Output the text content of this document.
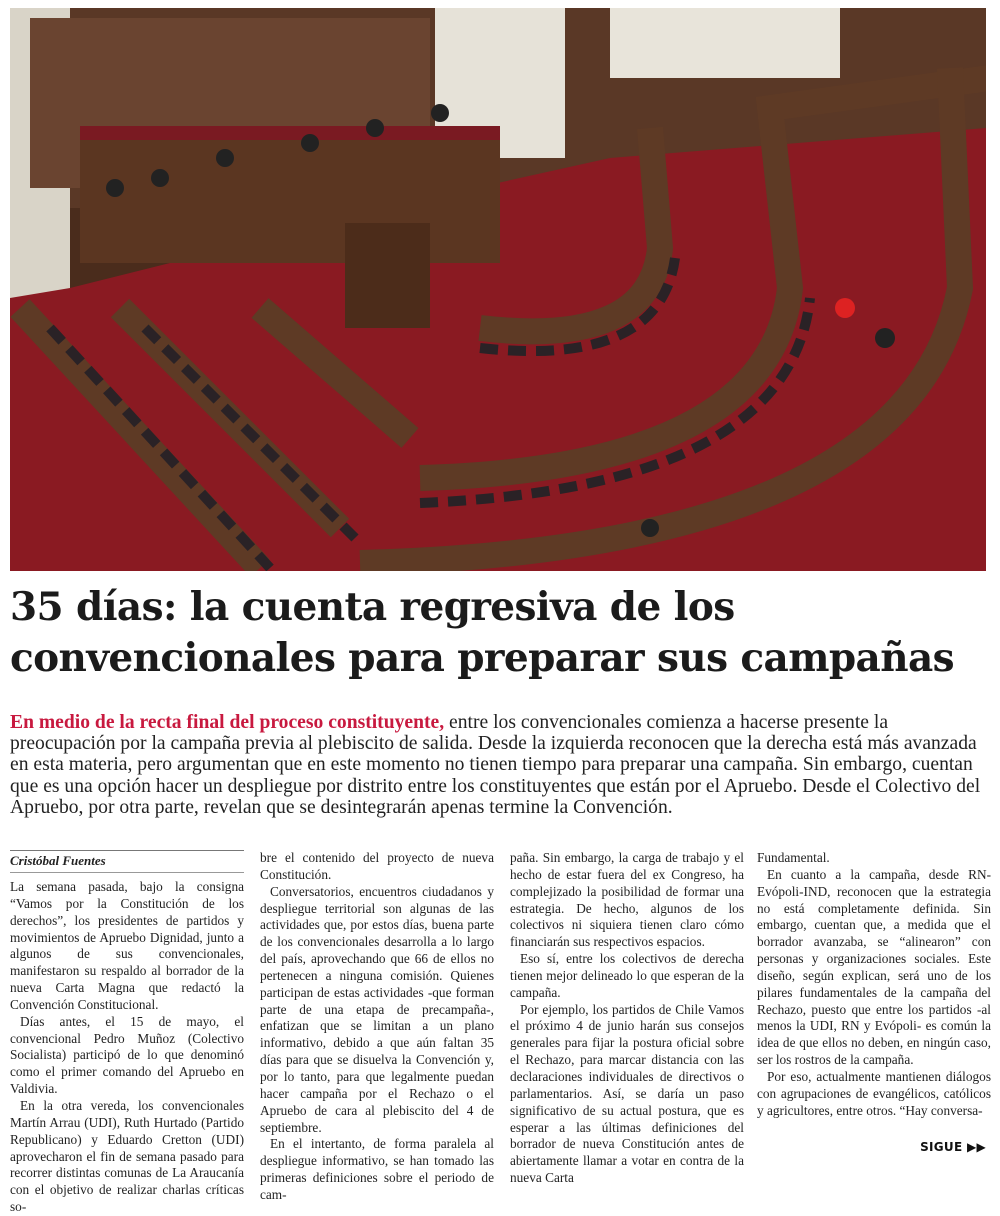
35 días: la cuenta regresiva de los convencionales para preparar sus campañas

En medio de la recta final del proceso constituyente, entre los convencionales comienza a hacerse presente la preocupación por la campaña previa al plebiscito de salida. Desde la izquierda reconocen que la derecha está más avanzada en esta materia, pero argumentan que en este momento no tienen tiempo para preparar una campaña. Sin embargo, cuentan que es una opción hacer un despliegue por distrito entre los constituyentes que están por el Apruebo. Desde el Colectivo del Apruebo, por otra parte, revelan que se desintegrarán apenas termine la Convención.

Cristóbal Fuentes

La semana pasada, bajo la consigna “Vamos por la Constitución de los derechos”, los presidentes de partidos y movimientos de Apruebo Dignidad, junto a algunos de sus convencionales, manifestaron su respaldo al borrador de la nueva Carta Magna que redactó la Convención Constitucional.

Días antes, el 15 de mayo, el convencional Pedro Muñoz (Colectivo Socialista) participó de lo que denominó como el primer comando del Apruebo en Valdivia.

En la otra vereda, los convencionales Martín Arrau (UDI), Ruth Hurtado (Partido Republicano) y Eduardo Cretton (UDI) aprovecharon el fin de semana pasado para recorrer distintas comunas de La Araucanía con el objetivo de realizar charlas críticas so-

bre el contenido del proyecto de nueva Constitución.

Conversatorios, encuentros ciudadanos y despliegue territorial son algunas de las actividades que, por estos días, buena parte de los convencionales desarrolla a lo largo del país, aprovechando que 66 de ellos no pertenecen a ninguna comisión. Quienes participan de estas actividades -que forman parte de una etapa de precampaña-, enfatizan que se limitan a un plano informativo, debido a que aún faltan 35 días para que se disuelva la Convención y, por lo tanto, para que legalmente puedan hacer campaña por el Rechazo o el Apruebo de cara al plebiscito del 4 de septiembre.

En el intertanto, de forma paralela al despliegue informativo, se han tomado las primeras definiciones sobre el periodo de cam-

paña. Sin embargo, la carga de trabajo y el hecho de estar fuera del ex Congreso, ha complejizado la posibilidad de formar una estrategia. De hecho, algunos de los colectivos ni siquiera tienen claro cómo financiarán sus respectivos espacios.

Eso sí, entre los colectivos de derecha tienen mejor delineado lo que esperan de la campaña.

Por ejemplo, los partidos de Chile Vamos el próximo 4 de junio harán sus consejos generales para fijar la postura oficial sobre el Rechazo, para marcar distancia con las declaraciones individuales de directivos o parlamentarios. Así, se daría un paso significativo de su actual postura, que es esperar a las últimas definiciones del borrador de nueva Constitución antes de abiertamente llamar a votar en contra de la nueva Carta

Fundamental.

En cuanto a la campaña, desde RN-Evópoli-IND, reconocen que la estrategia no está completamente definida. Sin embargo, cuentan que, a medida que el borrador avanzaba, se “alinearon” con personas y organizaciones sociales. Este diseño, según explican, será uno de los pilares fundamentales de la campaña del Rechazo, puesto que entre los partidos -al menos la UDI, RN y Evópoli- es común la idea de que ellos no deben, en ningún caso, ser los rostros de la campaña.

Por eso, actualmente mantienen diálogos con agrupaciones de evangélicos, católicos y agricultores, entre otros. “Hay conversa-

SIGUE ▶▶
